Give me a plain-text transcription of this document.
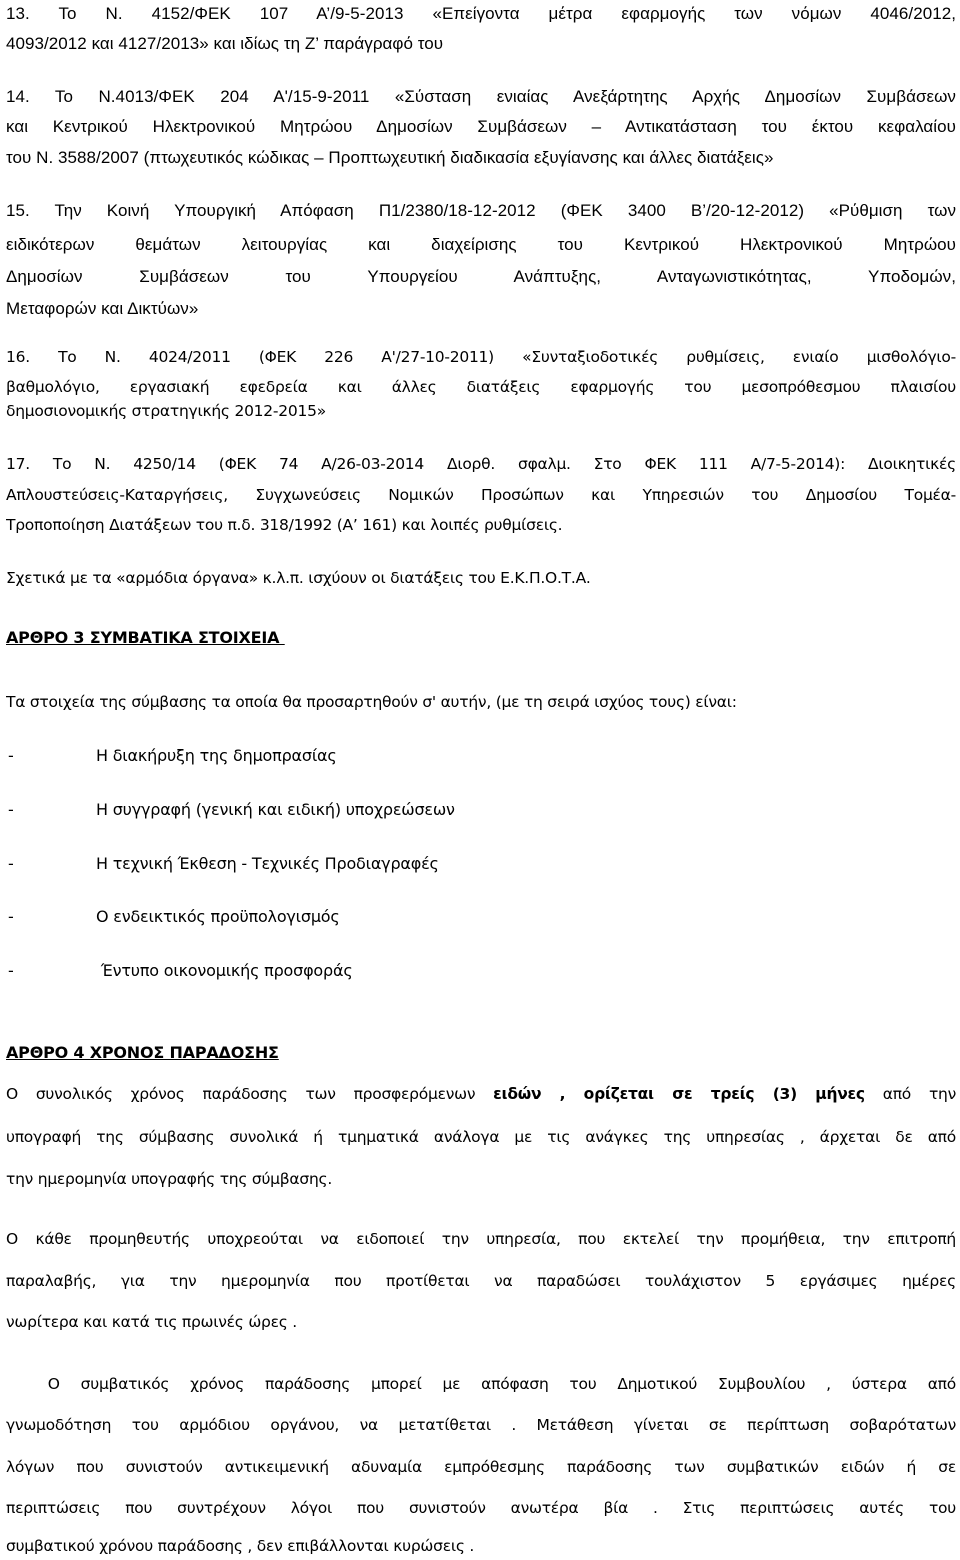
13. Το Ν. 4152/ΦΕΚ 107 Α’/9-5-2013 «Επείγοντα μέτρα εφαρμογής των νόμων 4046/2012,

4093/2012 και 4127/2013» και ιδίως τη Ζ’ παράγραφό του

14. Το Ν.4013/ΦΕΚ 204 Α'/15-9-2011 «Σύσταση ενιαίας Ανεξάρτητης Αρχής Δημοσίων Συμβάσεων

και Κεντρικού Ηλεκτρονικού Μητρώου Δημοσίων Συμβάσεων – Αντικατάσταση του έκτου κεφαλαίου

του Ν. 3588/2007 (πτωχευτικός κώδικας – Προπτωχευτική διαδικασία εξυγίανσης και άλλες διατάξεις»

15. Την Κοινή Υπουργική Απόφαση Π1/2380/18-12-2012 (ΦΕΚ 3400 Β’/20-12-2012) «Ρύθμιση των

ειδικότερων θεμάτων λειτουργίας και διαχείρισης του Κεντρικού Ηλεκτρονικού Μητρώου

Δημοσίων Συμβάσεων του Υπουργείου Ανάπτυξης, Ανταγωνιστικότητας, Υποδομών,

Μεταφορών και Δικτύων»

16. Το Ν. 4024/2011 (ΦΕΚ 226 Α'/27-10-2011) «Συνταξιοδοτικές ρυθμίσεις, ενιαίο μισθολόγιο-

βαθμολόγιο, εργασιακή εφεδρεία και άλλες διατάξεις εφαρμογής του μεσοπρόθεσμου πλαισίου

δημοσιονομικής στρατηγικής 2012-2015»

17. Το Ν. 4250/14 (ΦΕΚ 74 Α/26-03-2014 Διορθ. σφαλμ. Στο ΦΕΚ 111 Α/7-5-2014): Διοικητικές

Απλουστεύσεις-Καταργήσεις, Συγχωνεύσεις Νομικών Προσώπων και Υπηρεσιών του Δημοσίου Τομέα-

Τροποποίηση Διατάξεων του π.δ. 318/1992 (Α’ 161) και λοιπές ρυθμίσεις.

Σχετικά με τα «αρμόδια όργανα» κ.λ.π. ισχύουν οι διατάξεις του Ε.Κ.Π.Ο.Τ.Α.

ΑΡΘΡΟ 3 ΣΥΜΒΑΤΙΚΑ ΣΤΟΙΧΕΙΑ

Τα στοιχεία της σύμβασης τα οποία θα προσαρτηθούν σ' αυτήν, (με τη σειρά ισχύος τους) είναι:

-	Η διακήρυξη της δημοπρασίας
-	Η συγγραφή (γενική και ειδική) υποχρεώσεων
-	Η τεχνική Έκθεση - Τεχνικές Προδιαγραφές
-	Ο ενδεικτικός προϋπολογισμός
-	Έντυπο οικονομικής προσφοράς

ΑΡΘΡΟ 4 ΧΡΟΝΟΣ ΠΑΡΑΔΟΣΗΣ

Ο συνολικός χρόνος παράδοσης των προσφερόμενων ειδών , ορίζεται σε τρείς (3) μήνες από την

υπογραφή της σύμβασης συνολικά ή τμηματικά ανάλογα με τις ανάγκες της υπηρεσίας , άρχεται δε από

την ημερομηνία υπογραφής της σύμβασης.

Ο κάθε προμηθευτής υποχρεούται να ειδοποιεί την υπηρεσία, που εκτελεί την προμήθεια, την επιτροπή

παραλαβής, για την ημερομηνία που προτίθεται να παραδώσει τουλάχιστον 5 εργάσιμες ημέρες

νωρίτερα και κατά τις πρωινές ώρες .

Ο συμβατικός χρόνος παράδοσης μπορεί με απόφαση του Δημοτικού Συμβουλίου , ύστερα από

γνωμοδότηση του αρμόδιου οργάνου, να μετατίθεται . Μετάθεση γίνεται σε περίπτωση σοβαρότατων

λόγων που συνιστούν αντικειμενική αδυναμία εμπρόθεσμης παράδοσης των συμβατικών ειδών ή σε

περιπτώσεις που συντρέχουν λόγοι που συνιστούν ανωτέρα βία . Στις περιπτώσεις αυτές του

συμβατικού χρόνου παράδοσης , δεν επιβάλλονται κυρώσεις .
